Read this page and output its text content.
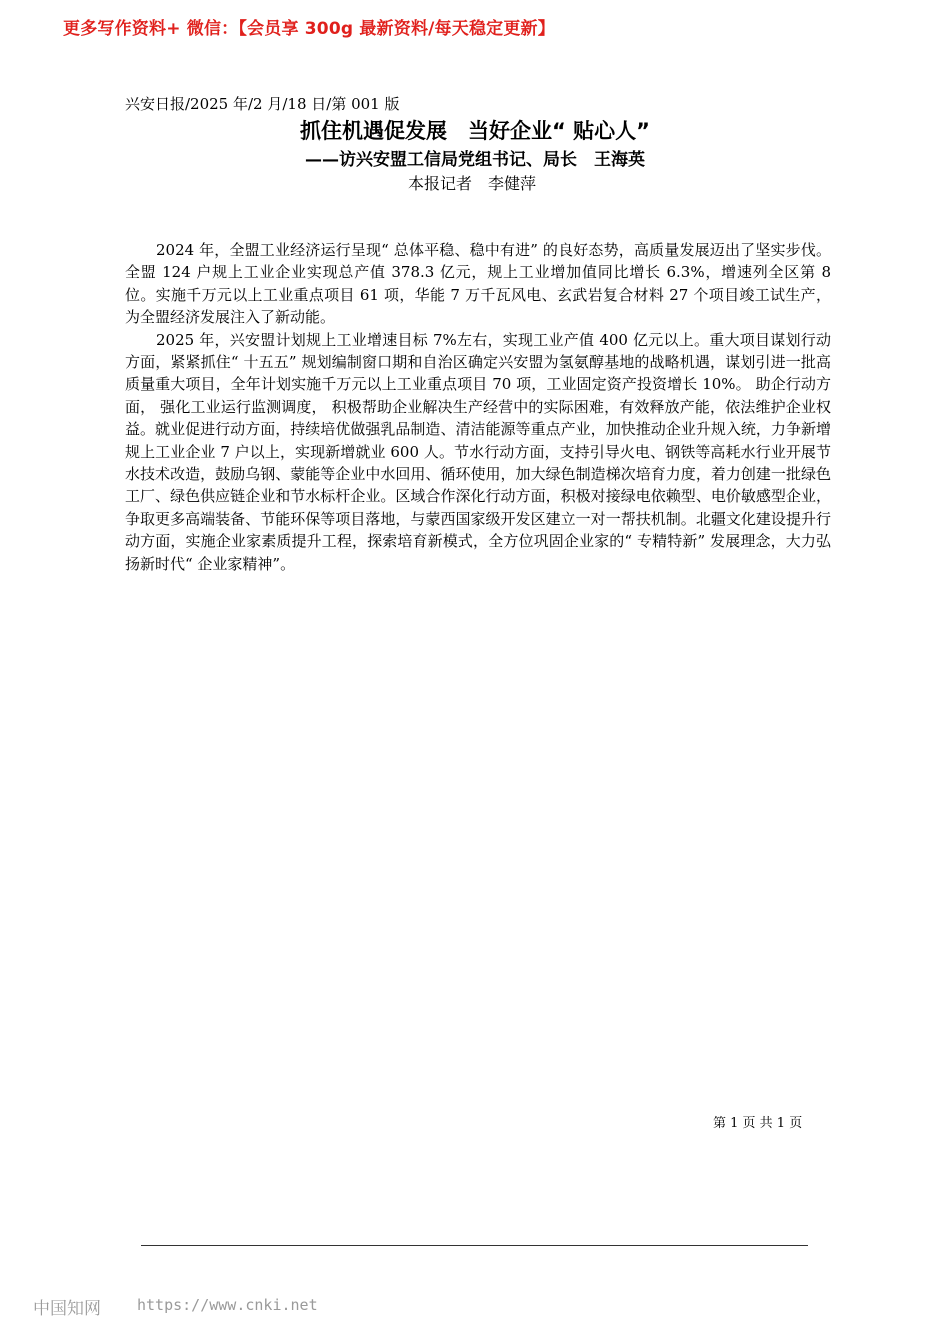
更多写作资料+ 微信：【会员享 300g 最新资料/每天稳定更新】
兴安日报/2025 年/2 月/18 日/第 001 版
抓住机遇促发展　当好企业“ 贴心人”
——访兴安盟工信局党组书记、局长　王海英
本报记者　李健萍

2024 年，全盟工业经济运行呈现“ 总体平稳、稳中有进” 的良好态势，高质量发展迈出了坚实步伐。全盟 124 户规上工业企业实现总产值 378.3 亿元，规上工业增加值同比增长 6.3%，增速列全区第 8 位。实施千万元以上工业重点项目 61 项，华能 7 万千瓦风电、玄武岩复合材料 27 个项目竣工试生产，为全盟经济发展注入了新动能。

2025 年，兴安盟计划规上工业增速目标 7%左右，实现工业产值 400 亿元以上。重大项目谋划行动方面，紧紧抓住“ 十五五” 规划编制窗口期和自治区确定兴安盟为氢氨醇基地的战略机遇，谋划引进一批高质量重大项目，全年计划实施千万元以上工业重点项目 70 项，工业固定资产投资增长 10%。 助企行动方面， 强化工业运行监测调度， 积极帮助企业解决生产经营中的实际困难，有效释放产能，依法维护企业权益。就业促进行动方面，持续培优做强乳品制造、清洁能源等重点产业，加快推动企业升规入统，力争新增规上工业企业 7 户以上，实现新增就业 600 人。节水行动方面，支持引导火电、钢铁等高耗水行业开展节水技术改造，鼓励乌钢、蒙能等企业中水回用、循环使用，加大绿色制造梯次培育力度，着力创建一批绿色工厂、绿色供应链企业和节水标杆企业。区域合作深化行动方面，积极对接绿电依赖型、电价敏感型企业，争取更多高端装备、节能环保等项目落地，与蒙西国家级开发区建立一对一帮扶机制。北疆文化建设提升行动方面，实施企业家素质提升工程，探索培育新模式，全方位巩固企业家的“ 专精特新” 发展理念，大力弘扬新时代“ 企业家精神”。

第 1 页 共 1 页
中国知网 https://www.cnki.net
